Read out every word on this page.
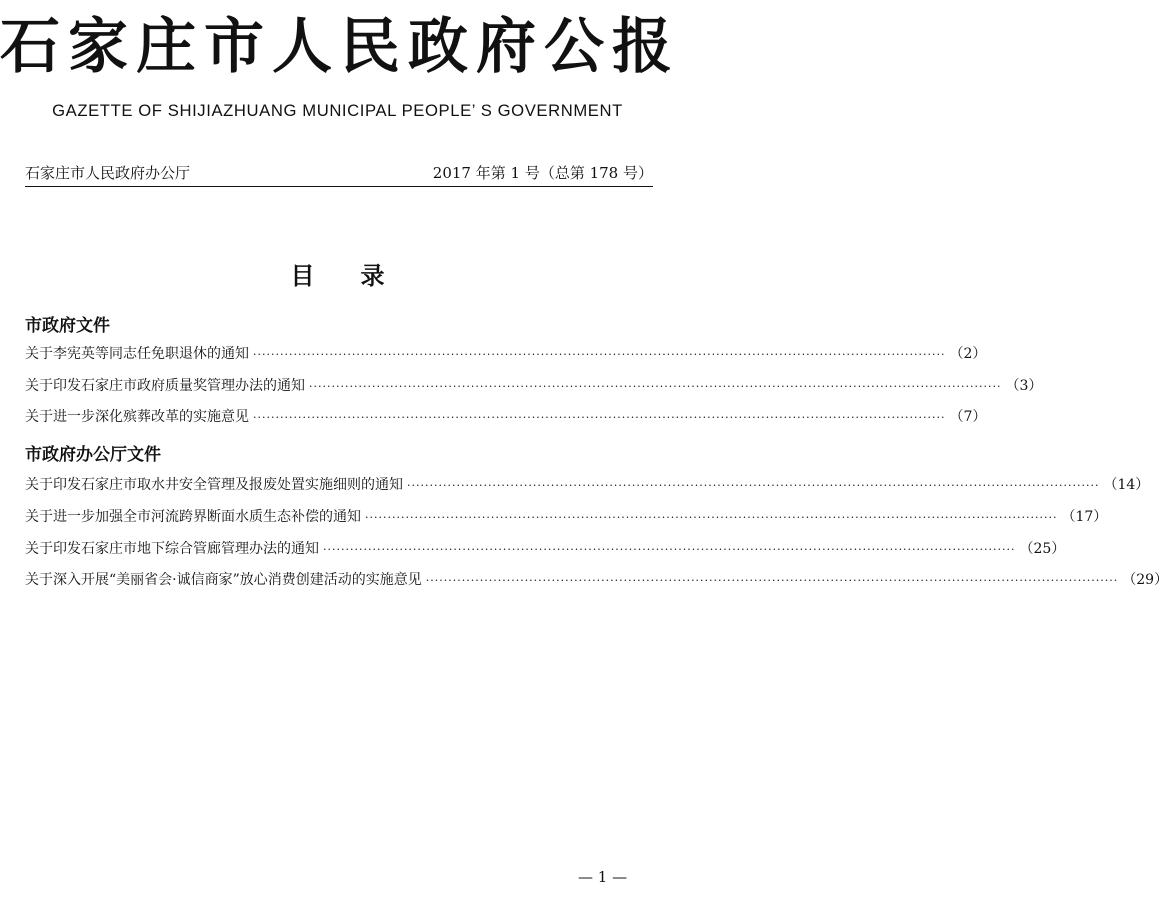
石家庄市人民政府公报
GAZETTE OF SHIJIAZHUANG MUNICIPAL PEOPLE’ S GOVERNMENT
石家庄市人民政府办公厅	2017 年第 1 号（总第 178 号）
目录
市政府文件
关于李宪英等同志任免职退休的通知 ·························································································································································· （2）
关于印发石家庄市政府质量奖管理办法的通知 ·························································································································································· （3）
关于进一步深化殡葬改革的实施意见 ·························································································································································· （7）
市政府办公厅文件
关于印发石家庄市取水井安全管理及报废处置实施细则的通知 ·························································································································································· （14）
关于进一步加强全市河流跨界断面水质生态补偿的通知 ·························································································································································· （17）
关于印发石家庄市地下综合管廊管理办法的通知 ·························································································································································· （25）
关于深入开展“美丽省会·诚信商家”放心消费创建活动的实施意见 ·························································································································································· （29）
— 1 —
